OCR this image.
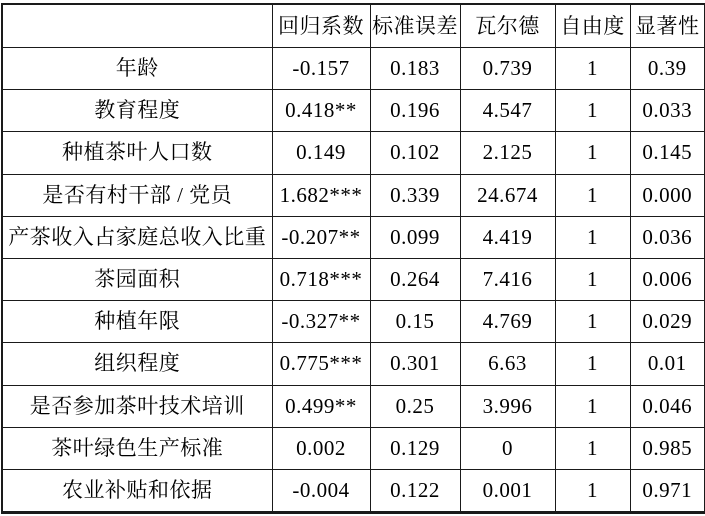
	回归系数	标准误差	瓦尔德	自由度	显著性
年龄	-0.157	0.183	0.739	1	0.39
教育程度	0.418**	0.196	4.547	1	0.033
种植茶叶人口数	0.149	0.102	2.125	1	0.145
是否有村干部 / 党员	1.682***	0.339	24.674	1	0.000
产茶收入占家庭总收入比重	-0.207**	0.099	4.419	1	0.036
茶园面积	0.718***	0.264	7.416	1	0.006
种植年限	-0.327**	0.15	4.769	1	0.029
组织程度	0.775***	0.301	6.63	1	0.01
是否参加茶叶技术培训	0.499**	0.25	3.996	1	0.046
茶叶绿色生产标准	0.002	0.129	0	1	0.985
农业补贴和依据	-0.004	0.122	0.001	1	0.971
